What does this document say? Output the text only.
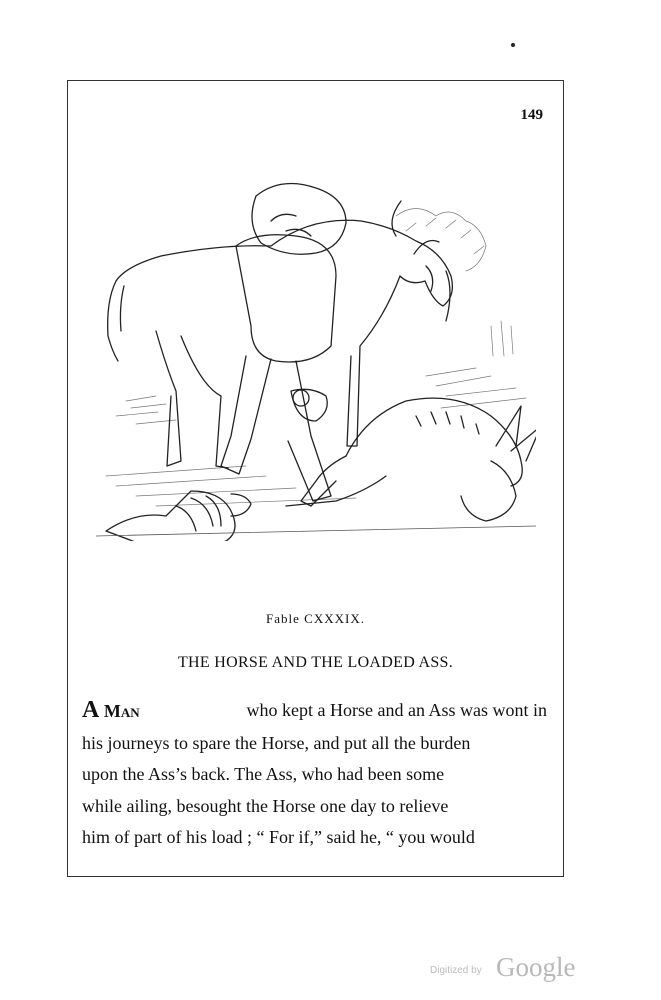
149
Fable CXXXIX.
THE HORSE AND THE LOADED ASS.
A Man	who kept a Horse and an Ass was wont in
his journeys to spare the Horse, and put all the burden
upon the Ass’s back. The Ass, who had been some
while ailing, besought the Horse one day to relieve
him of part of his load ; “ For if,” said he, “ you would
Digitized by Google
